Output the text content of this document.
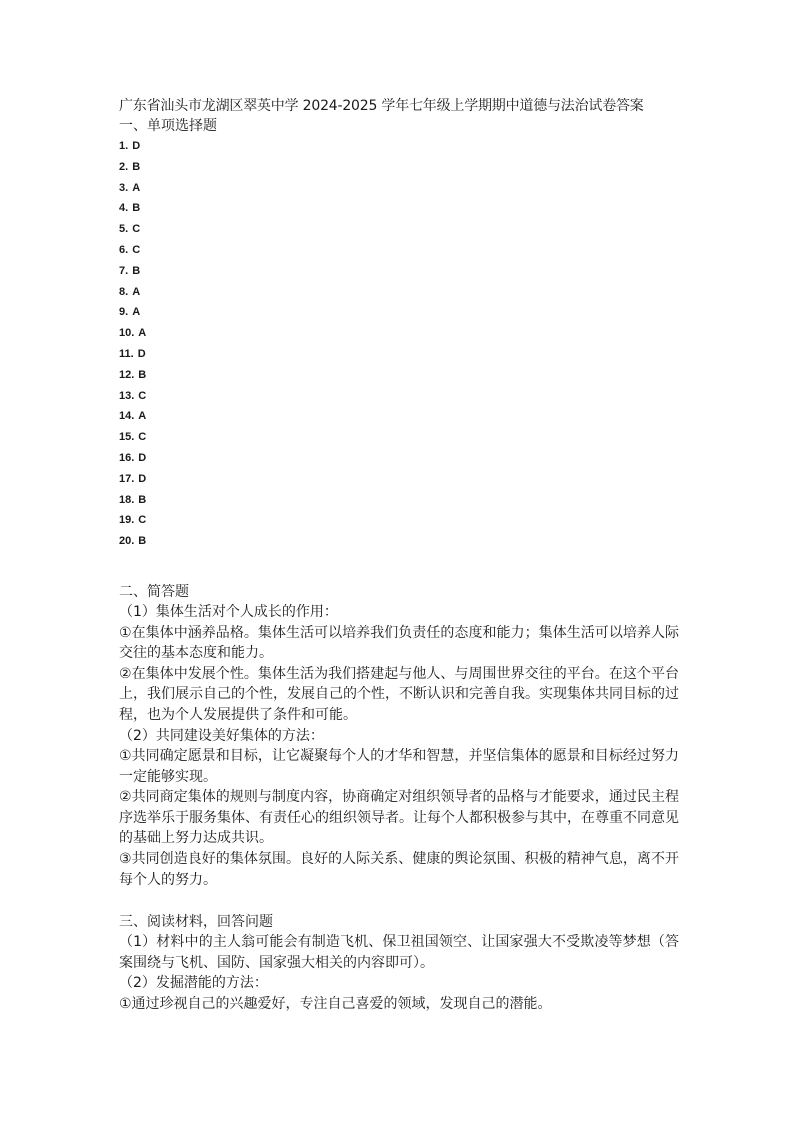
广东省汕头市龙湖区翠英中学 2024-2025 学年七年级上学期期中道德与法治试卷答案
一、单项选择题
1. D
2. B
3. A
4. B
5. C
6. C
7. B
8. A
9. A
10. A
11. D
12. B
13. C
14. A
15. C
16. D
17. D
18. B
19. C
20. B
二、简答题

（1）集体生活对个人成长的作用：

①在集体中涵养品格。集体生活可以培养我们负责任的态度和能力；集体生活可以培养人际交往的基本态度和能力。

②在集体中发展个性。集体生活为我们搭建起与他人、与周围世界交往的平台。在这个平台上，我们展示自己的个性，发展自己的个性，不断认识和完善自我。实现集体共同目标的过程，也为个人发展提供了条件和可能。

（2）共同建设美好集体的方法：

①共同确定愿景和目标，让它凝聚每个人的才华和智慧，并坚信集体的愿景和目标经过努力一定能够实现。

②共同商定集体的规则与制度内容，协商确定对组织领导者的品格与才能要求，通过民主程序选举乐于服务集体、有责任心的组织领导者。让每个人都积极参与其中，在尊重不同意见的基础上努力达成共识。

③共同创造良好的集体氛围。良好的人际关系、健康的舆论氛围、积极的精神气息，离不开每个人的努力。

三、阅读材料，回答问题

（1）材料中的主人翁可能会有制造飞机、保卫祖国领空、让国家强大不受欺凌等梦想（答案围绕与飞机、国防、国家强大相关的内容即可）。

（2）发掘潜能的方法：

①通过珍视自己的兴趣爱好，专注自己喜爱的领域，发现自己的潜能。
